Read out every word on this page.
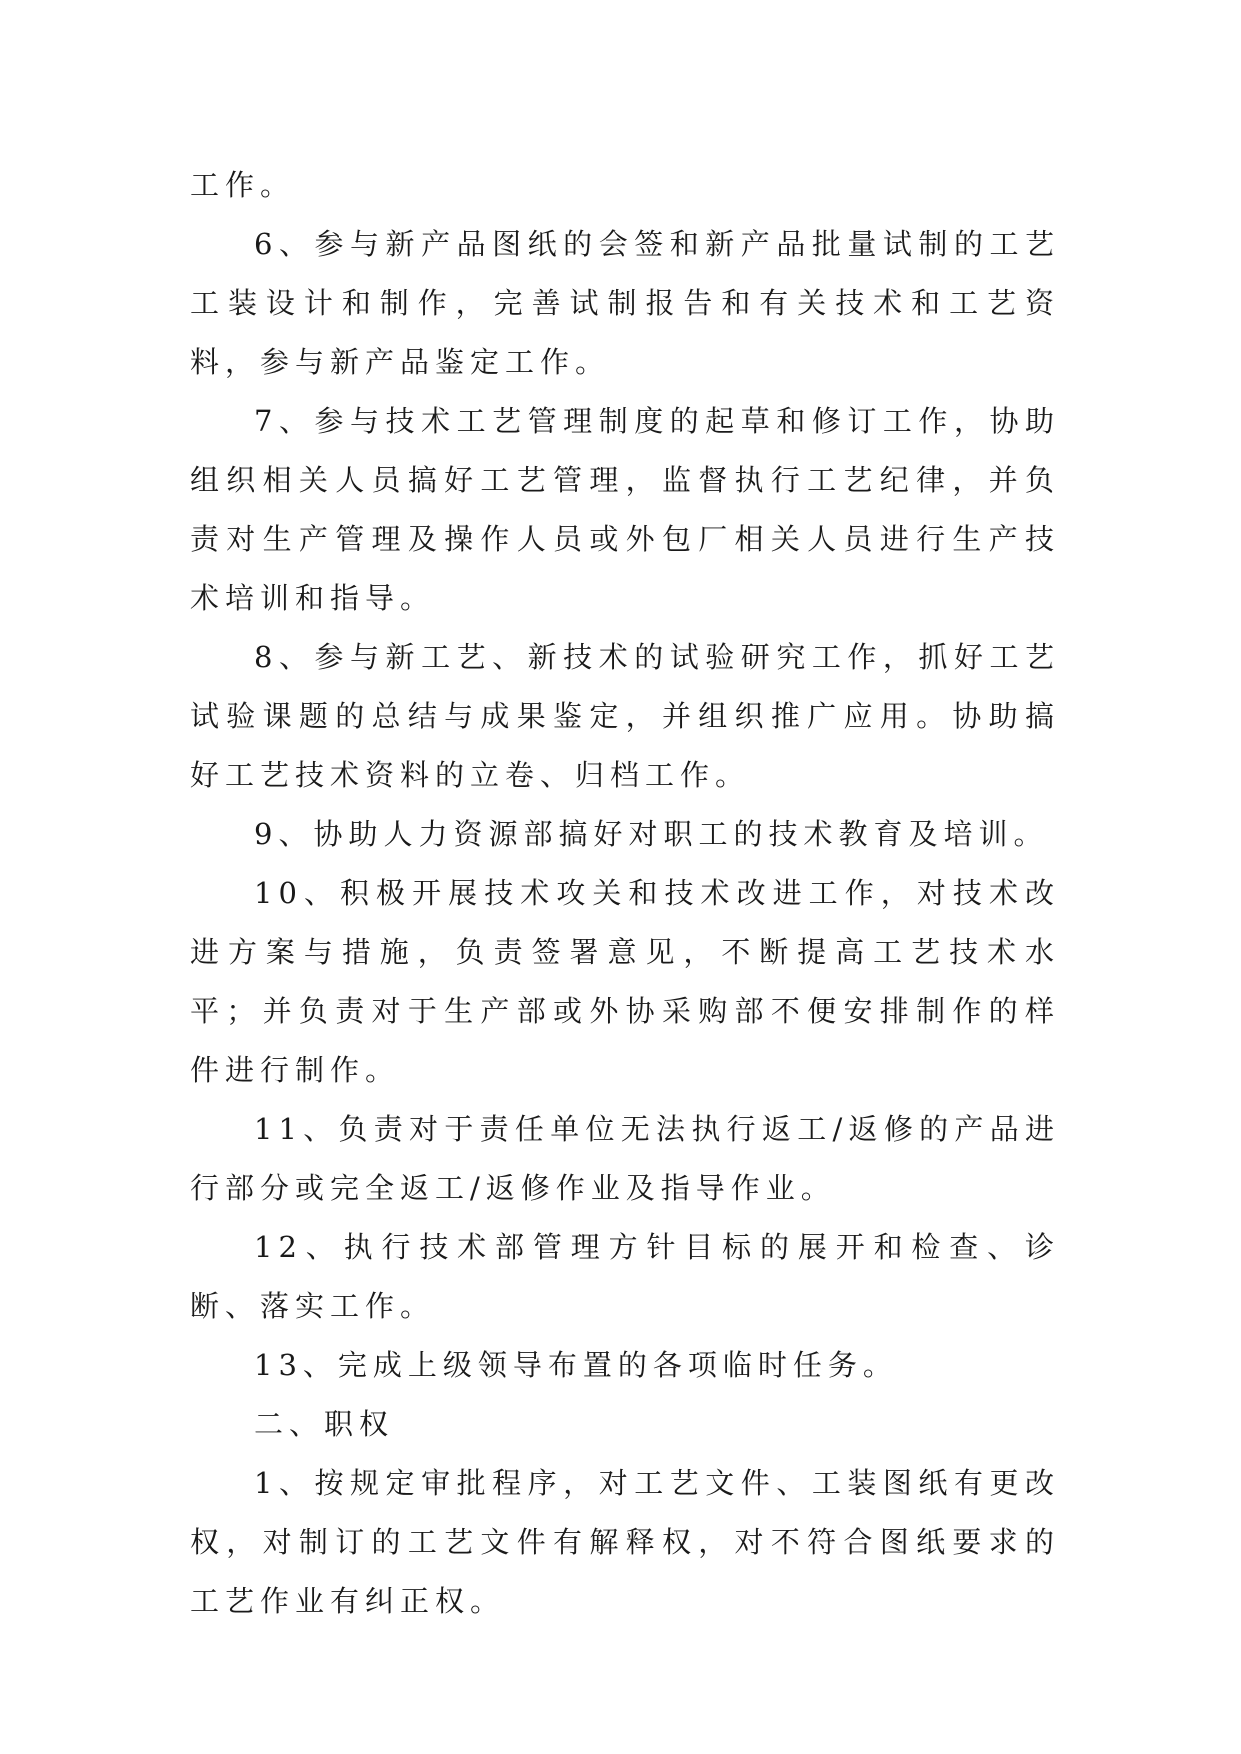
工作。

6、参与新产品图纸的会签和新产品批量试制的工艺工装设计和制作，完善试制报告和有关技术和工艺资料，参与新产品鉴定工作。

7、参与技术工艺管理制度的起草和修订工作，协助组织相关人员搞好工艺管理，监督执行工艺纪律，并负责对生产管理及操作人员或外包厂相关人员进行生产技术培训和指导。

8、参与新工艺、新技术的试验研究工作，抓好工艺试验课题的总结与成果鉴定，并组织推广应用。协助搞好工艺技术资料的立卷、归档工作。

9、协助人力资源部搞好对职工的技术教育及培训。

10、积极开展技术攻关和技术改进工作，对技术改进方案与措施，负责签署意见，不断提高工艺技术水平；并负责对于生产部或外协采购部不便安排制作的样件进行制作。

11、负责对于责任单位无法执行返工/返修的产品进行部分或完全返工/返修作业及指导作业。

12、执行技术部管理方针目标的展开和检查、诊断、落实工作。

13、完成上级领导布置的各项临时任务。

二、职权

1、按规定审批程序，对工艺文件、工装图纸有更改权，对制订的工艺文件有解释权，对不符合图纸要求的工艺作业有纠正权。
